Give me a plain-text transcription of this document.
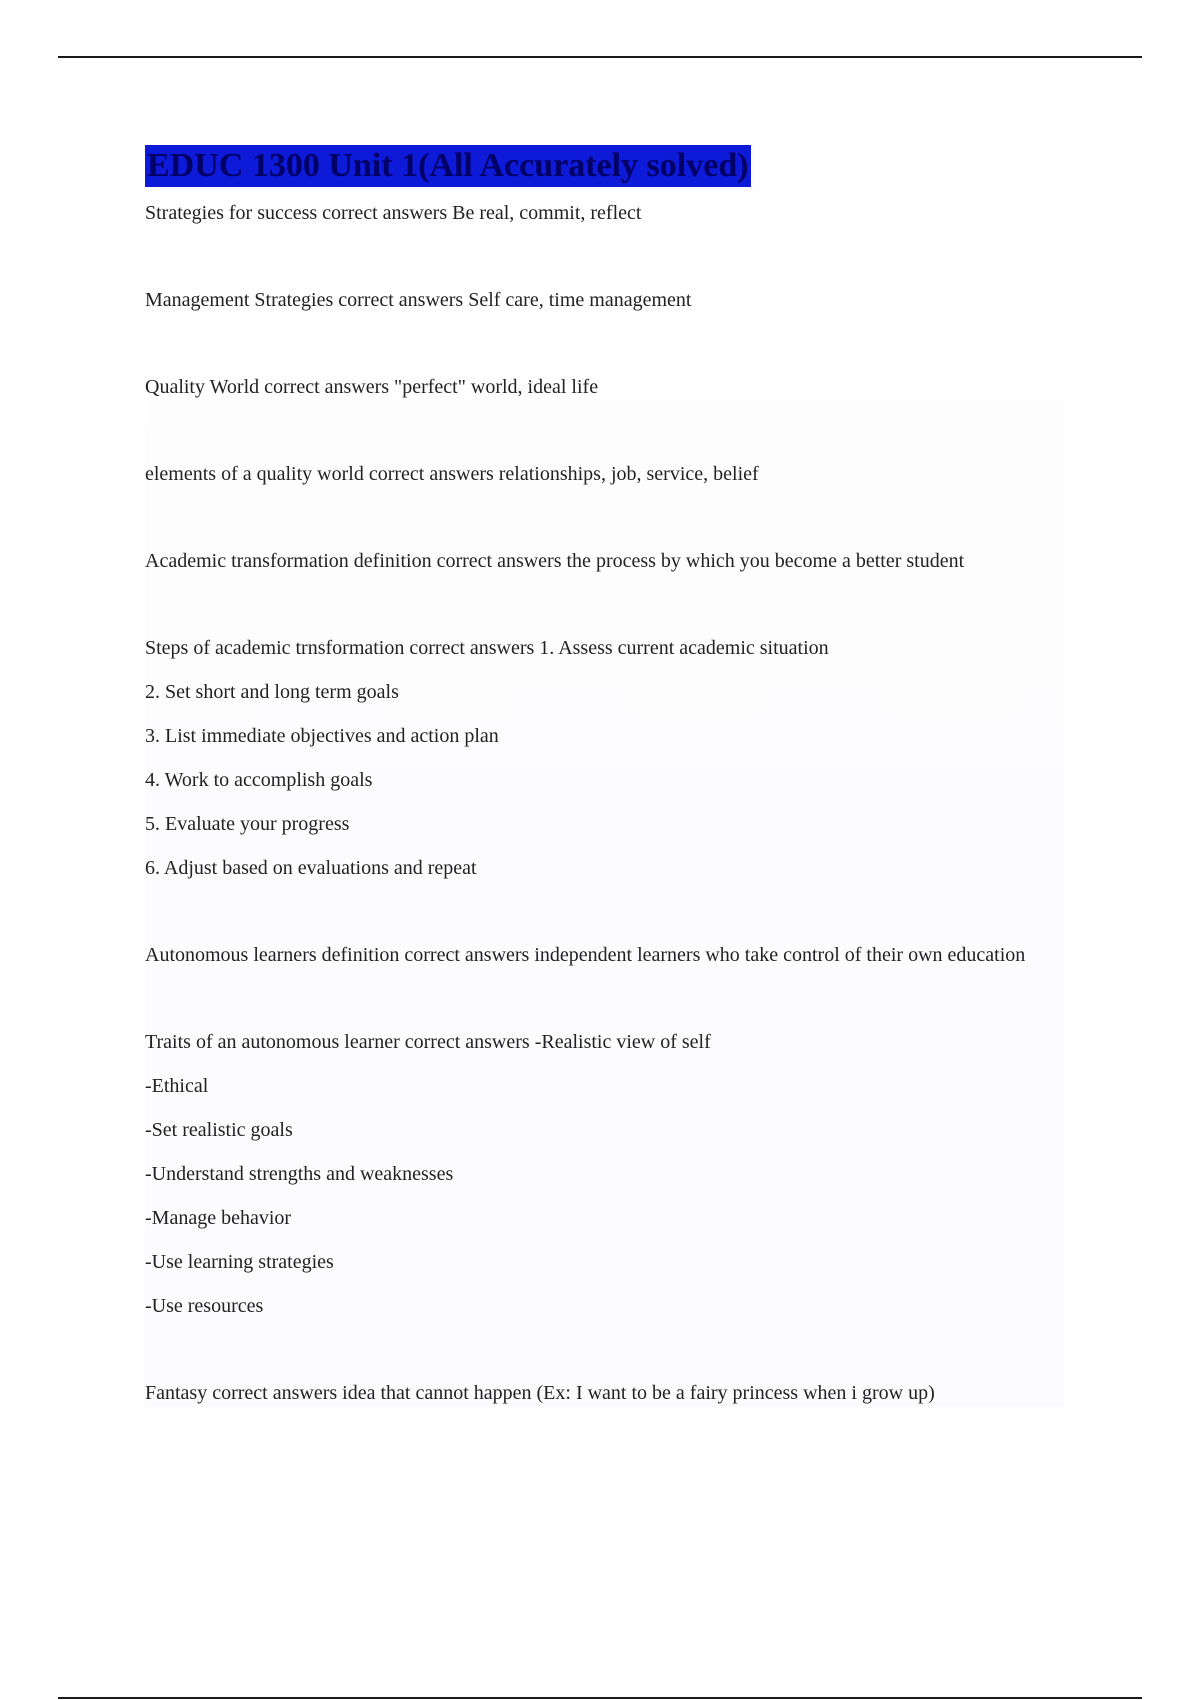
EDUC 1300 Unit 1(All Accurately solved)

Strategies for success correct answers Be real, commit, reflect

Management Strategies correct answers Self care, time management

Quality World correct answers "perfect" world, ideal life

elements of a quality world correct answers relationships, job, service, belief

Academic transformation definition correct answers the process by which you become a better student

Steps of academic trnsformation correct answers 1. Assess current academic situation
2. Set short and long term goals
3. List immediate objectives and action plan
4. Work to accomplish goals
5. Evaluate your progress
6. Adjust based on evaluations and repeat

Autonomous learners definition correct answers independent learners who take control of their own education

Traits of an autonomous learner correct answers -Realistic view of self
-Ethical
-Set realistic goals
-Understand strengths and weaknesses
-Manage behavior
-Use learning strategies
-Use resources

Fantasy correct answers idea that cannot happen (Ex: I want to be a fairy princess when i grow up)
